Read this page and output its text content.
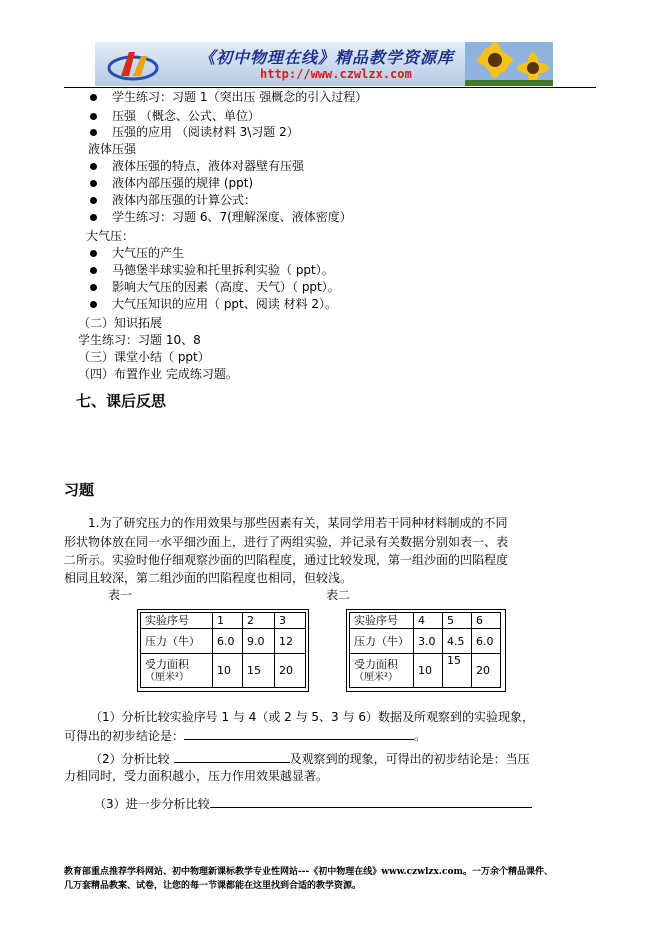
《初中物理在线》精品教学资源库
http://www.czwlzx.com
学生练习：习题 1（突出压 强概念的引入过程）
压强 （概念、公式、单位）
压强的应用 （阅读材料 3\习题 2）
液体压强
液体压强的特点，液体对器壁有压强
液体内部压强的规律 (ppt)
液体内部压强的计算公式：
学生练习：习题 6、7(理解深度、液体密度）
大气压：
大气压的产生
马德堡半球实验和托里拆利实验（ ppt）。
影响大气压的因素（高度、天气）（ ppt）。
大气压知识的应用（ ppt、阅读 材料 2）。
（二）知识拓展
学生练习：习题 10、8
（三）课堂小结（ ppt）
（四）布置作业 完成练习题。
七、课后反思
习题
1.为了研究压力的作用效果与那些因素有关，某同学用若干同种材料制成的不同
形状物体放在同一水平细沙面上，进行了两组实验，并记录有关数据分别如表一、表
二所示。实验时他仔细观察沙面的凹陷程度，通过比较发现，第一组沙面的凹陷程度
相同且较深，第二组沙面的凹陷程度也相同，但较浅。
表一	表二
实验序号	1	2	3
压力（牛）	6.0	9.0	12

受力面积
（厘米²）	10	15	20
实验序号	4	5	6
压力（牛）	3.0	4.5	6.0

受力面积
（厘米²）	10	15	20
（1）分析比较实验序号 1 与 4（或 2 与 5、3 与 6）数据及所观察到的实验现象，
可得出的初步结论是：	。
（2）分析比较	及观察到的现象，可得出的初步结论是：当压
力相同时，受力面积越小，压力作用效果越显著。
（3）进一步分析比较
教育部重点推荐学科网站、初中物理新课标教学专业性网站---《初中物理在线》www.czwlzx.com。一万余个精品课件、
几万套精品教案、试卷，让您的每一节课都能在这里找到合适的教学资源。
